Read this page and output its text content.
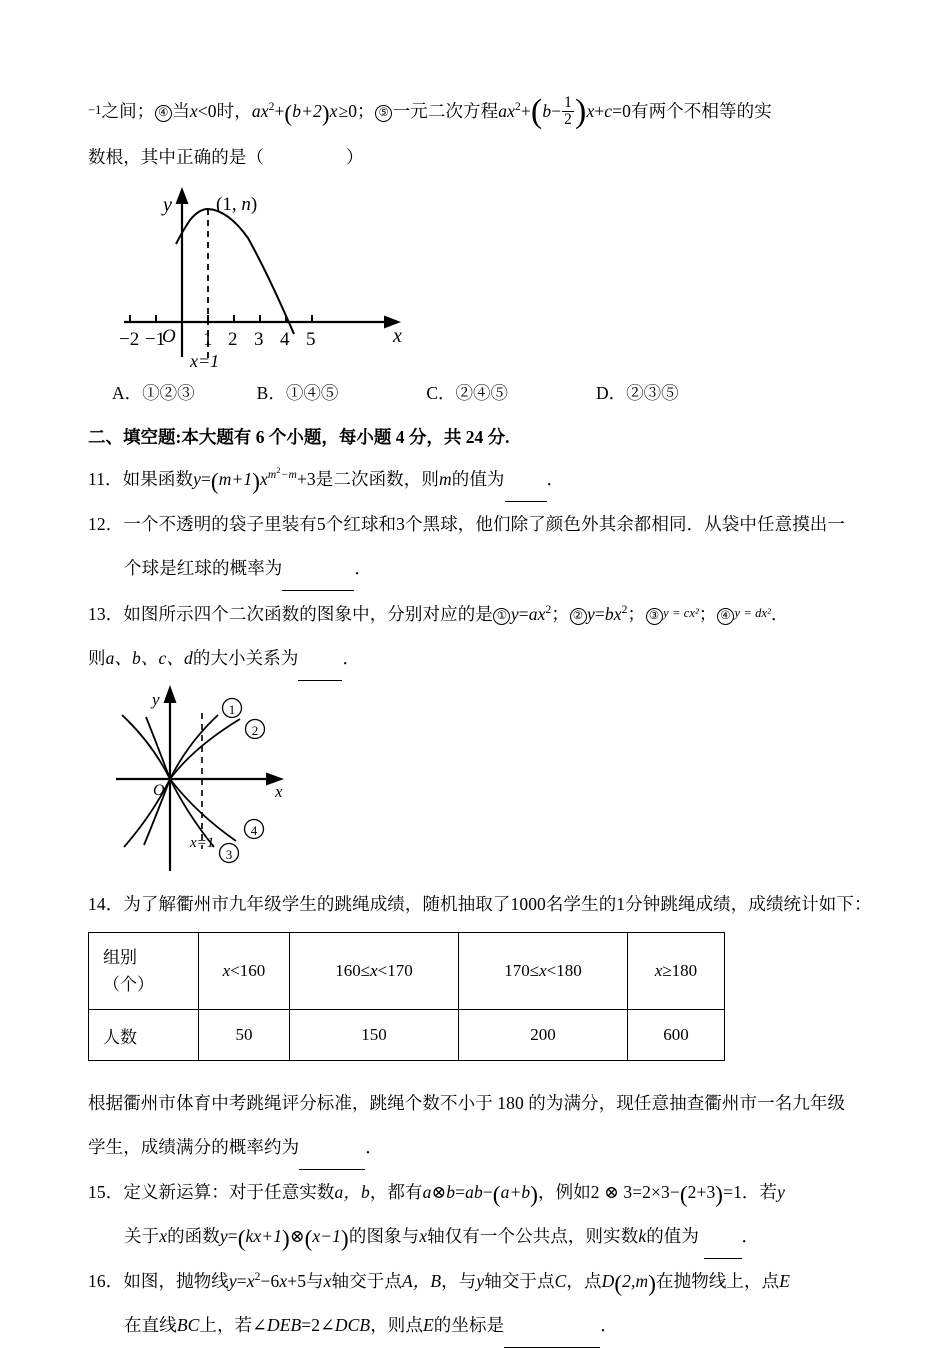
−1之间； ④ 当x<0时，$ax^2+(b+2)x\ge 0$； ⑤ 一元二次方程$ax^2+(b- \frac{1}{2} )x+c=0$有两个不相等的实
数根，其中正确的是（	）
y
x
O
(1, n)
−2 −1 1 2 3 4 5
x=1
A．①②③	B．①④⑤	C．②④⑤	D．②③⑤
二、填空题:本大题有 6 个小题，每小题 4 分，共 24 分.
11．如果函数$y=(m+1)x^{m^2-m}+3$是二次函数，则m的值为 ．
12．一个不透明的袋子里装有5个红球和3个黑球，他们除了颜色外其余都相同．从袋中任意摸出一
个球是红球的概率为	．
13．如图所示四个二次函数的图象中，分别对应的是 ① $y=ax^2$； ② $y=bx^2$； ③ y = cx²； ④ y = dx²．
则a、b、c、d的大小关系为	．
y
x
O
x=1
1
2
3
4
14．为了解衢州市九年级学生的跳绳成绩，随机抽取了1000名学生的1分钟跳绳成绩，成绩统计如下：
组别
（个）	x<160	160≤x<170	170≤x<180	x≥180
人数	50	150	200	600
根据衢州市体育中考跳绳评分标准，跳绳个数不小于 180 的为满分，现任意抽查衢州市一名九年级
学生，成绩满分的概率约为	．
15．定义新运算：对于任意实数a，b，都有a⊗b=ab−(a+b)，例如2 ⊗ 3=2×3−(2+3)=1．若y
关于x的函数y=(kx+1)⊗(x−1)的图象与x轴仅有一个公共点，则实数k的值为 ．
16．如图，抛物线$y=x^2-6x+5$与x轴交于点A，B，与y轴交于点C，点D(2,m)在抛物线上，点E
在直线BC上，若∠DEB=2∠DCB，则点E的坐标是	．
